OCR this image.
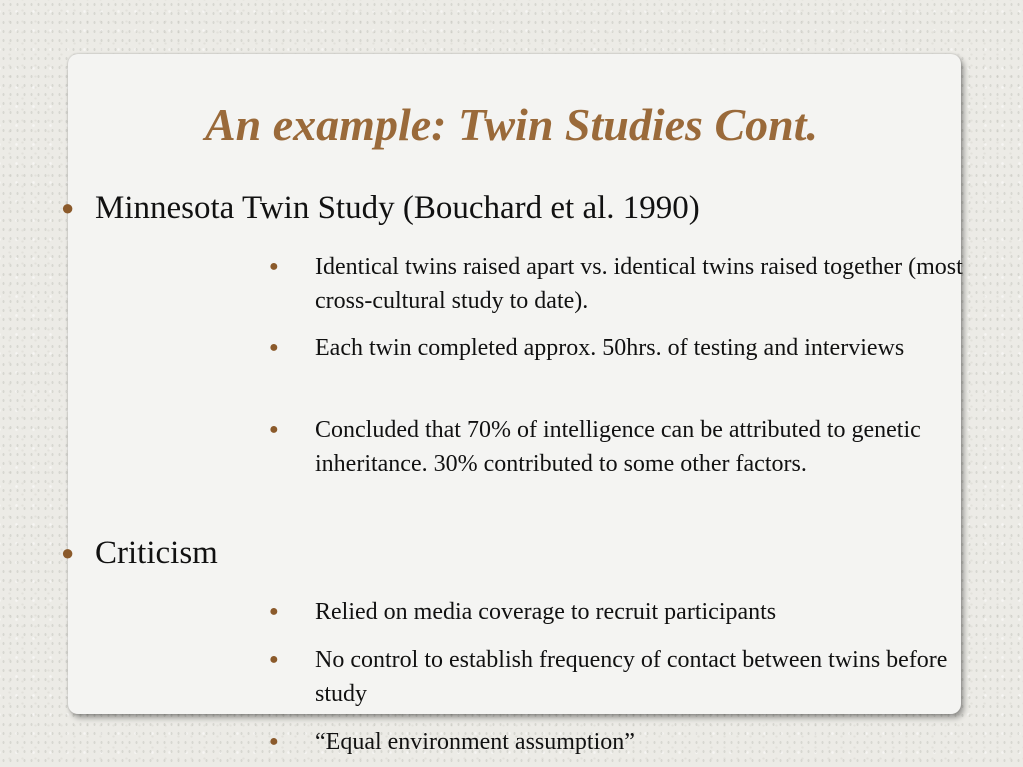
An example: Twin Studies Cont.
● Minnesota Twin Study (Bouchard et al. 1990)
● Identical twins raised apart vs. identical twins raised together (most cross-cultural study to date).
● Each twin completed approx. 50hrs. of testing and interviews
● Concluded that 70% of intelligence can be attributed to genetic inheritance. 30% contributed to some other factors.
● Criticism
● Relied on media coverage to recruit participants
● No control to establish frequency of contact between twins before study
● “Equal environment assumption”
